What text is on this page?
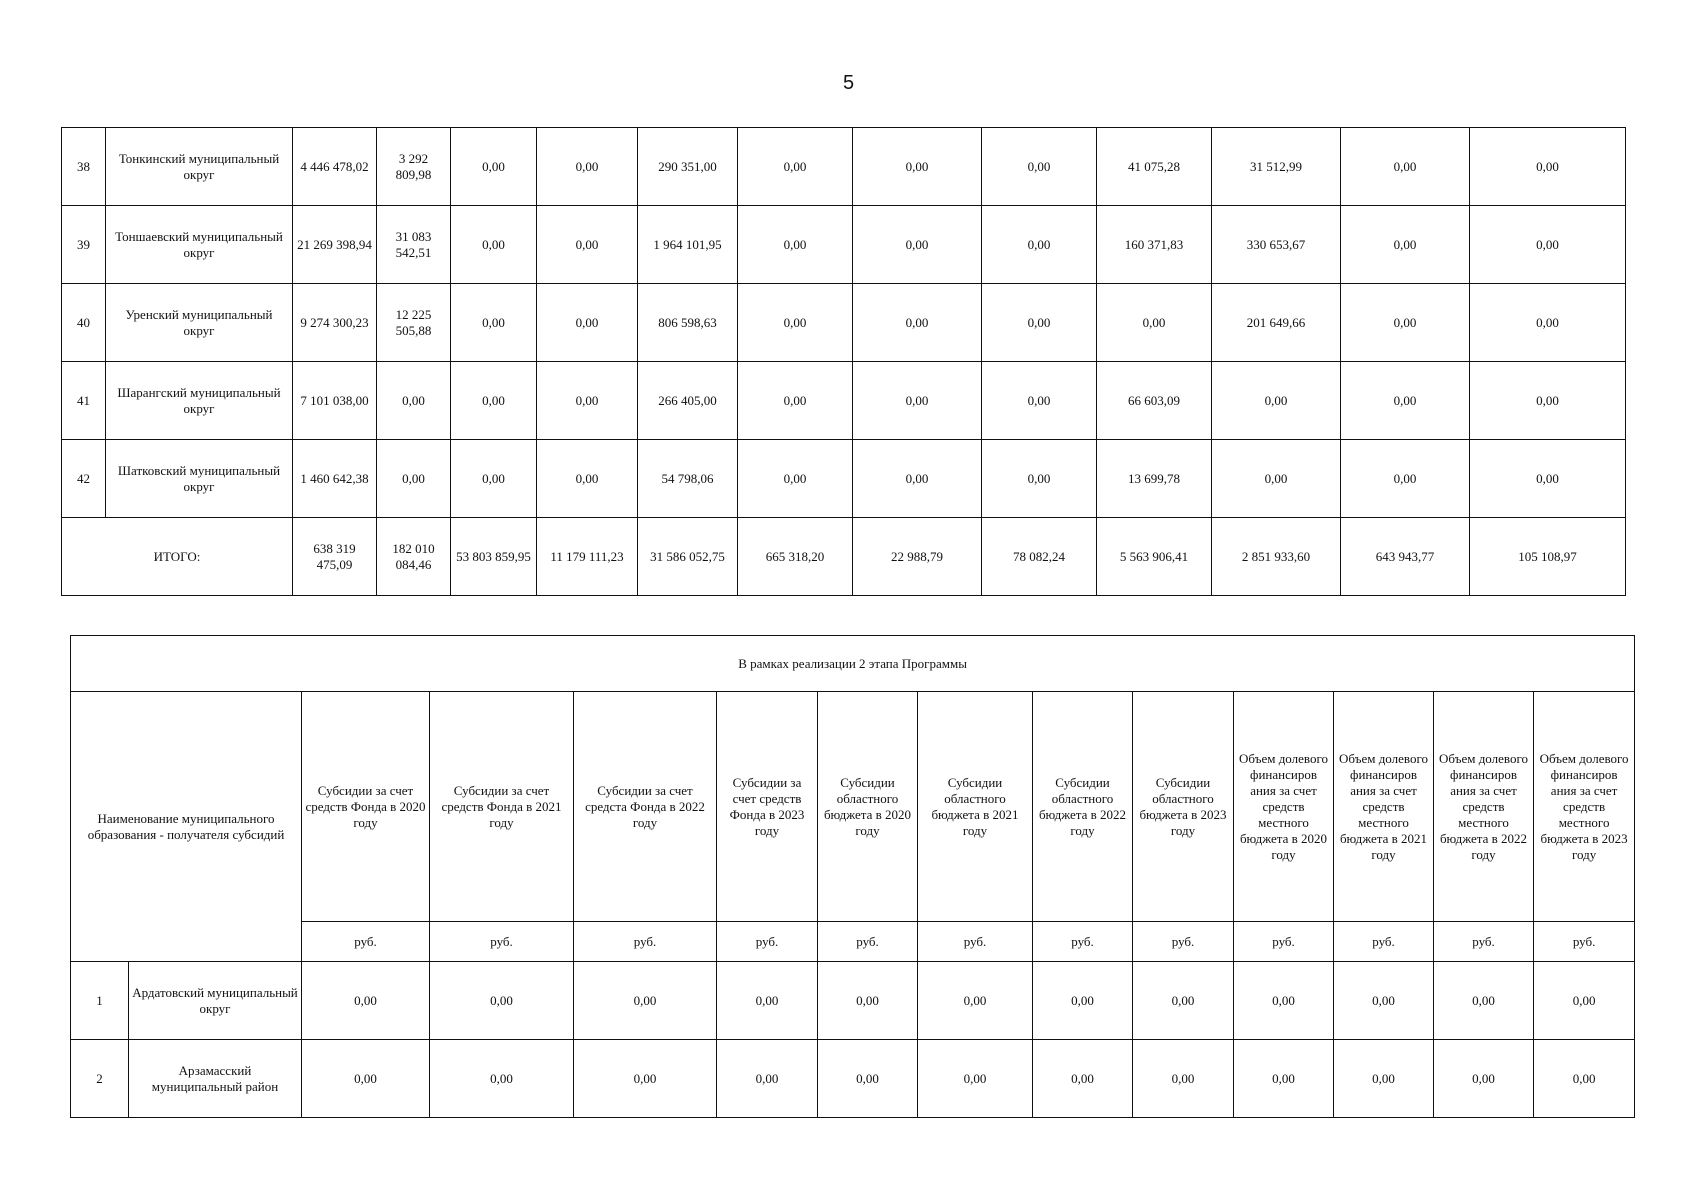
5
38	Тонкинский муниципальный округ	4 446 478,02	3 292 809,98	0,00	0,00	290 351,00	0,00	0,00	0,00	41 075,28	31 512,99	0,00	0,00
39	Тоншаевский муниципальный округ	21 269 398,94	31 083 542,51	0,00	0,00	1 964 101,95	0,00	0,00	0,00	160 371,83	330 653,67	0,00	0,00
40	Уренский муниципальный округ	9 274 300,23	12 225 505,88	0,00	0,00	806 598,63	0,00	0,00	0,00	0,00	201 649,66	0,00	0,00
41	Шарангский муниципальный округ	7 101 038,00	0,00	0,00	0,00	266 405,00	0,00	0,00	0,00	66 603,09	0,00	0,00	0,00
42	Шатковский муниципальный округ	1 460 642,38	0,00	0,00	0,00	54 798,06	0,00	0,00	0,00	13 699,78	0,00	0,00	0,00
ИТОГО:		638 319 475,09	182 010 084,46	53 803 859,95	11 179 111,23	31 586 052,75	665 318,20	22 988,79	78 082,24	5 563 906,41	2 851 933,60	643 943,77	105 108,97
В рамках реализации 2 этапа Программы													
Наименование муниципального образования - получателя субсидий		Субсидии за счет средств Фонда в 2020 году	Субсидии за счет средств Фонда в 2021 году	Субсидии за счет средста Фонда в 2022 году	Субсидии за счет средств Фонда в 2023 году	Субсидии областного бюджета в 2020 году	Субсидии областного бюджета в 2021 году	Субсидии областного бюджета в 2022 году	Субсидии областного бюджета в 2023 году	Объем долевого финансиров ания за счет средств местного бюджета в 2020 году	Объем долевого финансиров ания за счет средств местного бюджета в 2021 году	Объем долевого финансиров ания за счет средств местного бюджета в 2022 году	Объем долевого финансиров ания за счет средств местного бюджета в 2023 году
		руб.	руб.	руб.	руб.	руб.	руб.	руб.	руб.	руб.	руб.	руб.	руб.
1	Ардатовский муниципальный округ	0,00	0,00	0,00	0,00	0,00	0,00	0,00	0,00	0,00	0,00	0,00	0,00
2	Арзамасский муниципальный район	0,00	0,00	0,00	0,00	0,00	0,00	0,00	0,00	0,00	0,00	0,00	0,00
